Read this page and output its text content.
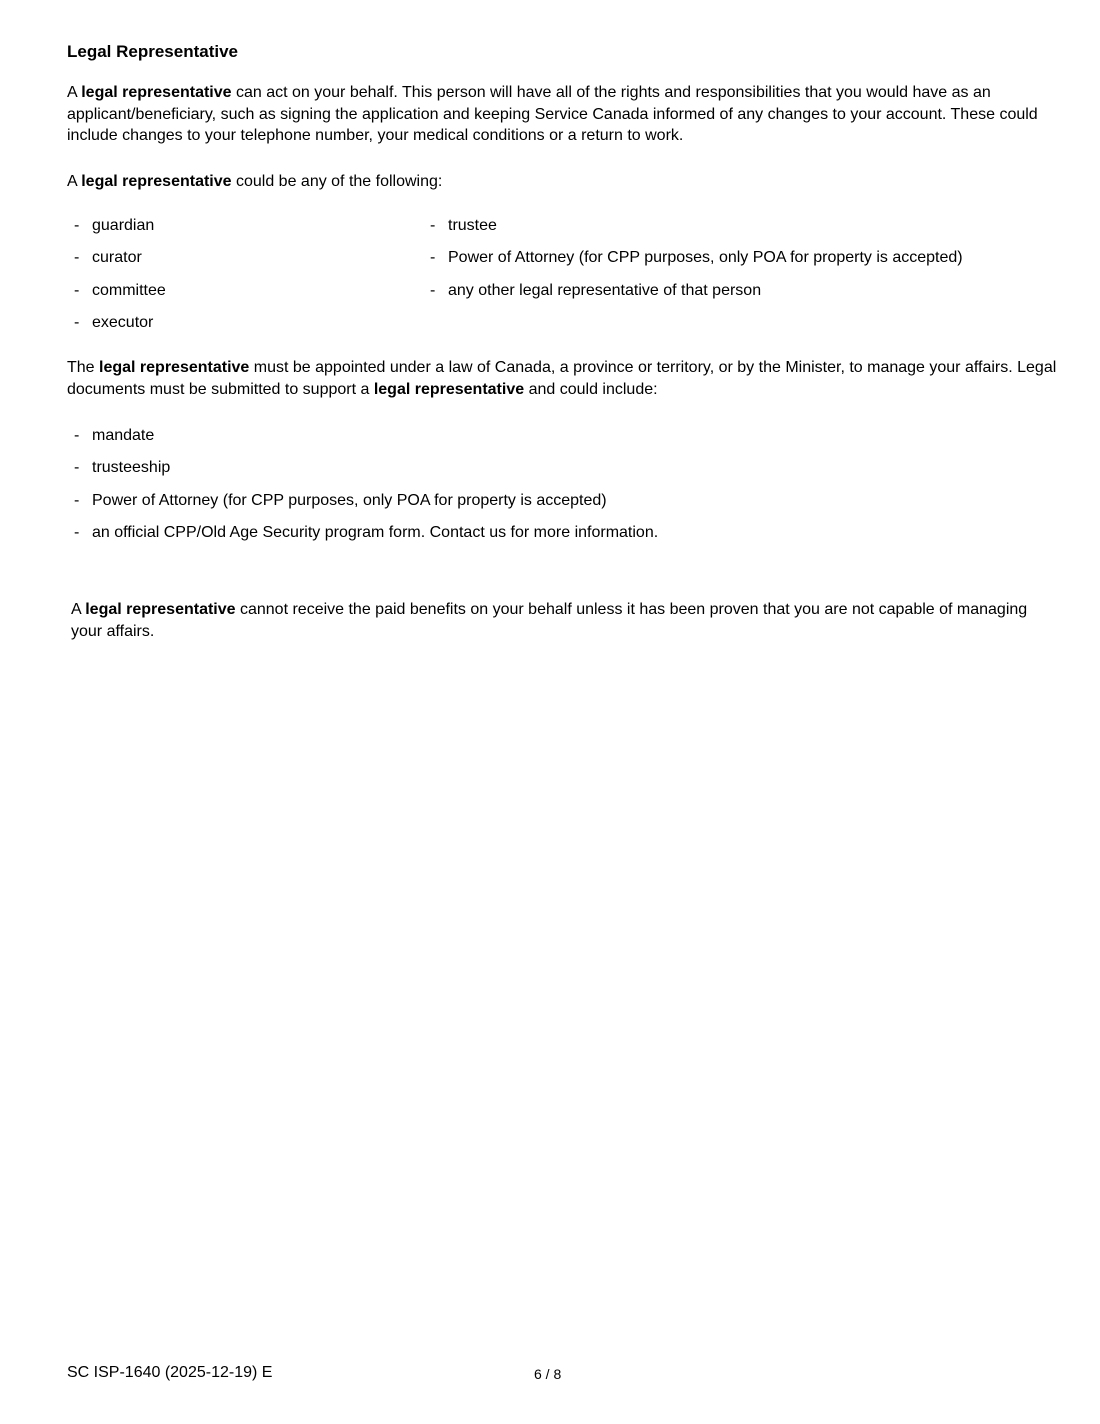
Legal Representative

A legal representative can act on your behalf. This person will have all of the rights and responsibilities that you would have as an applicant/beneficiary, such as signing the application and keeping Service Canada informed of any changes to your account. These could include changes to your telephone number, your medical conditions or a return to work.

A legal representative could be any of the following:

- guardian
- curator
- committee
- executor
- trustee
- Power of Attorney (for CPP purposes, only POA for property is accepted)
- any other legal representative of that person

The legal representative must be appointed under a law of Canada, a province or territory, or by the Minister, to manage your affairs. Legal documents must be submitted to support a legal representative and could include:

- mandate
- trusteeship
- Power of Attorney (for CPP purposes, only POA for property is accepted)
- an official CPP/Old Age Security program form. Contact us for more information.

A legal representative cannot receive the paid benefits on your behalf unless it has been proven that you are not capable of managing your affairs.

SC ISP-1640 (2025-12-19) E	6 / 8
